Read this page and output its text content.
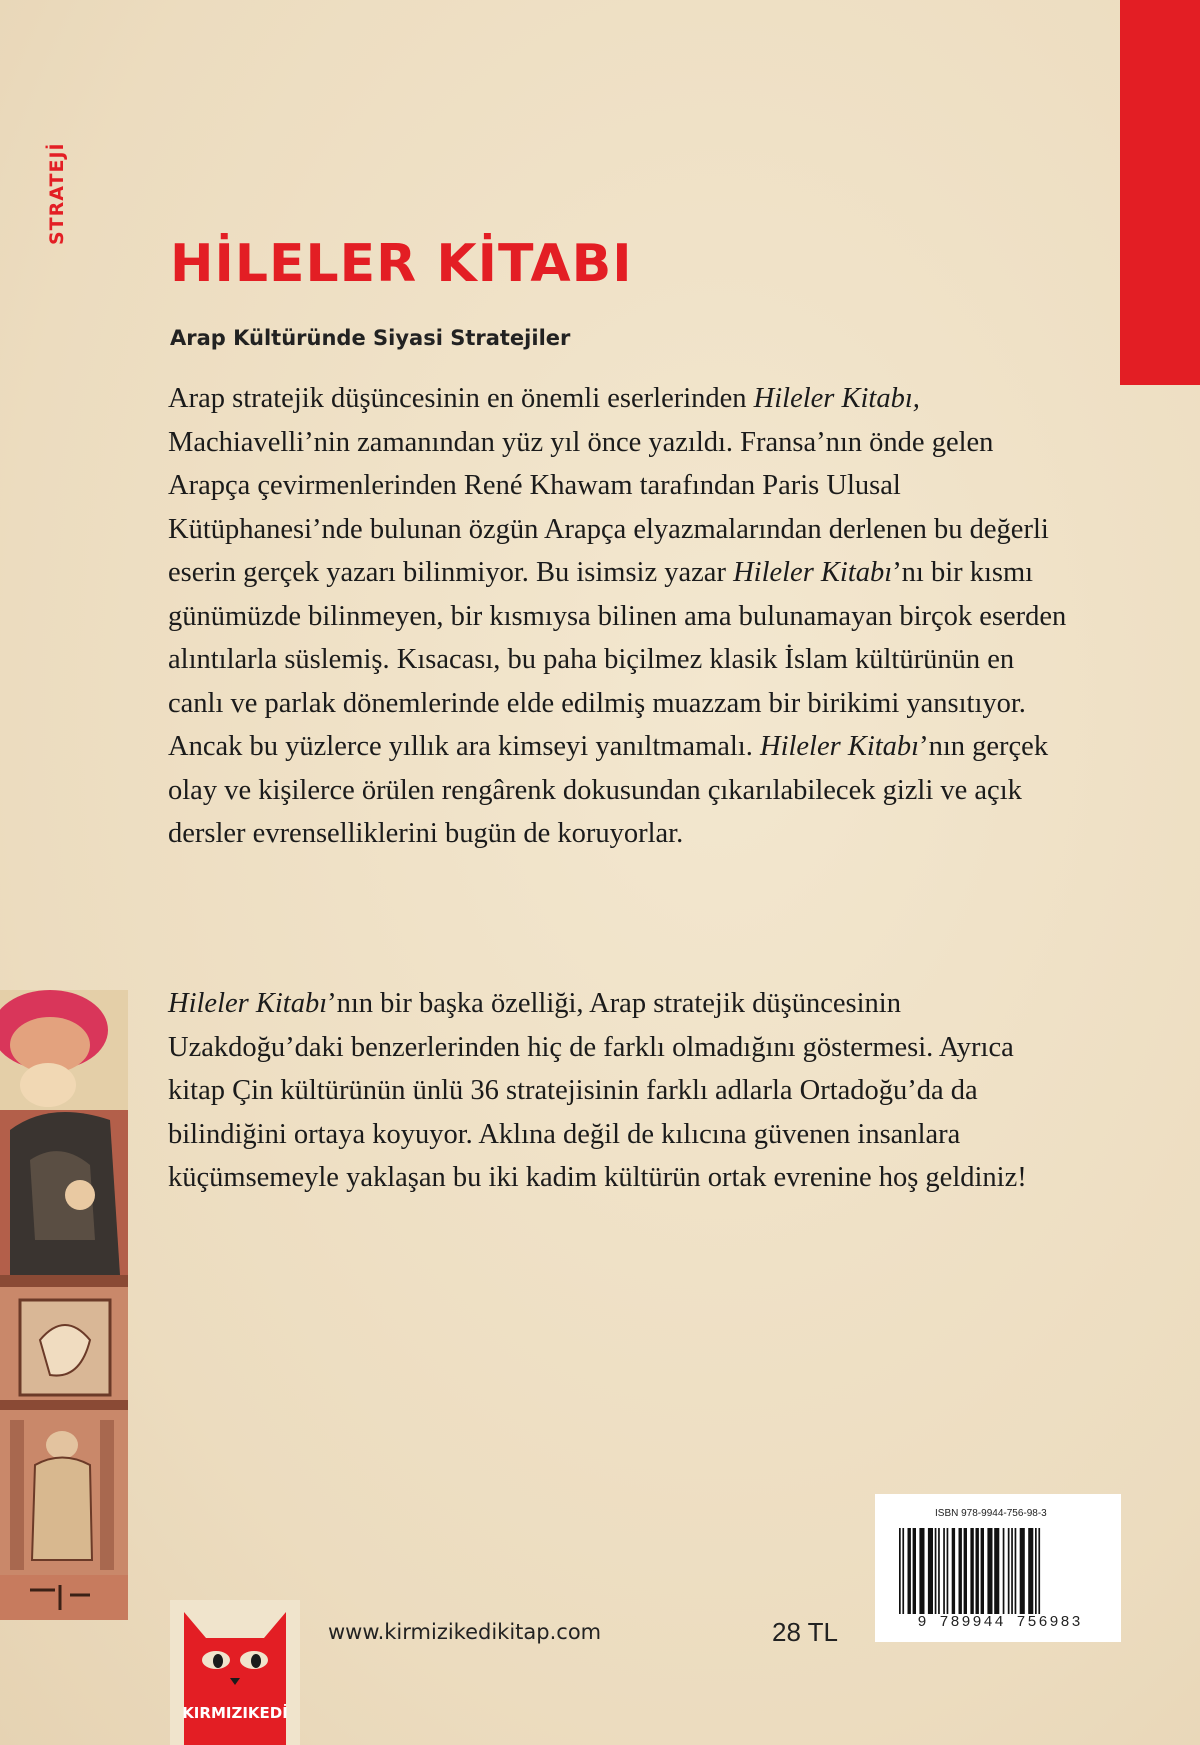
STRATEJİ
HİLELER KİTABI
Arap Kültüründe Siyasi Stratejiler

Arap stratejik düşüncesinin en önemli eserlerinden Hileler Kitabı, Machiavelli’nin zamanından yüz yıl önce yazıldı. Fransa’nın önde gelen Arapça çevirmenlerinden René Khawam tarafından Paris Ulusal Kütüphanesi’nde bulunan özgün Arapça elyazmalarından derlenen bu değerli eserin gerçek yazarı bilinmiyor. Bu isimsiz yazar Hileler Kitabı’nı bir kısmı günümüzde bilinmeyen, bir kısmıysa bilinen ama bulunamayan birçok eserden alıntılarla süslemiş. Kısacası, bu paha biçilmez klasik İslam kültürünün en canlı ve parlak dönemlerinde elde edilmiş muazzam bir birikimi yansıtıyor. Ancak bu yüzlerce yıllık ara kimseyi yanıltmamalı. Hileler Kitabı’nın gerçek olay ve kişilerce örülen rengârenk dokusundan çıkarılabilecek gizli ve açık dersler evrenselliklerini bugün de koruyorlar.

Hileler Kitabı’nın bir başka özelliği, Arap stratejik düşüncesinin Uzakdoğu’daki benzerlerinden hiç de farklı olmadığını göstermesi. Ayrıca kitap Çin kültürünün ünlü 36 stratejisinin farklı adlarla Ortadoğu’da da bilindiğini ortaya koyuyor. Aklına değil de kılıcına güvenen insanlara küçümsemeyle yaklaşan bu iki kadim kültürün ortak evrenine hoş geldiniz!

KIRMIZIKEDİ
www.kirmizikedikitap.com	28 TL
ISBN 978-9944-756-98-3
9 789944 756983
